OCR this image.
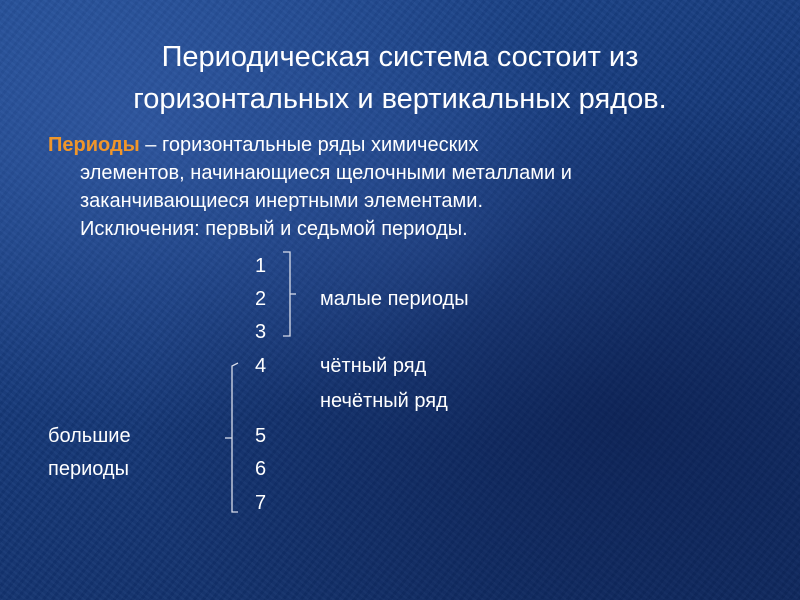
Периодическая система состоит из
горизонтальных и вертикальных рядов.
Периоды – горизонтальные ряды химических
элементов, начинающиеся щелочными металлами и
заканчивающиеся инертными элементами.
Исключения: первый и седьмой периоды.
1
2
3
4
5
6
7
малые периоды
чётный ряд
нечётный ряд
большие
периоды
